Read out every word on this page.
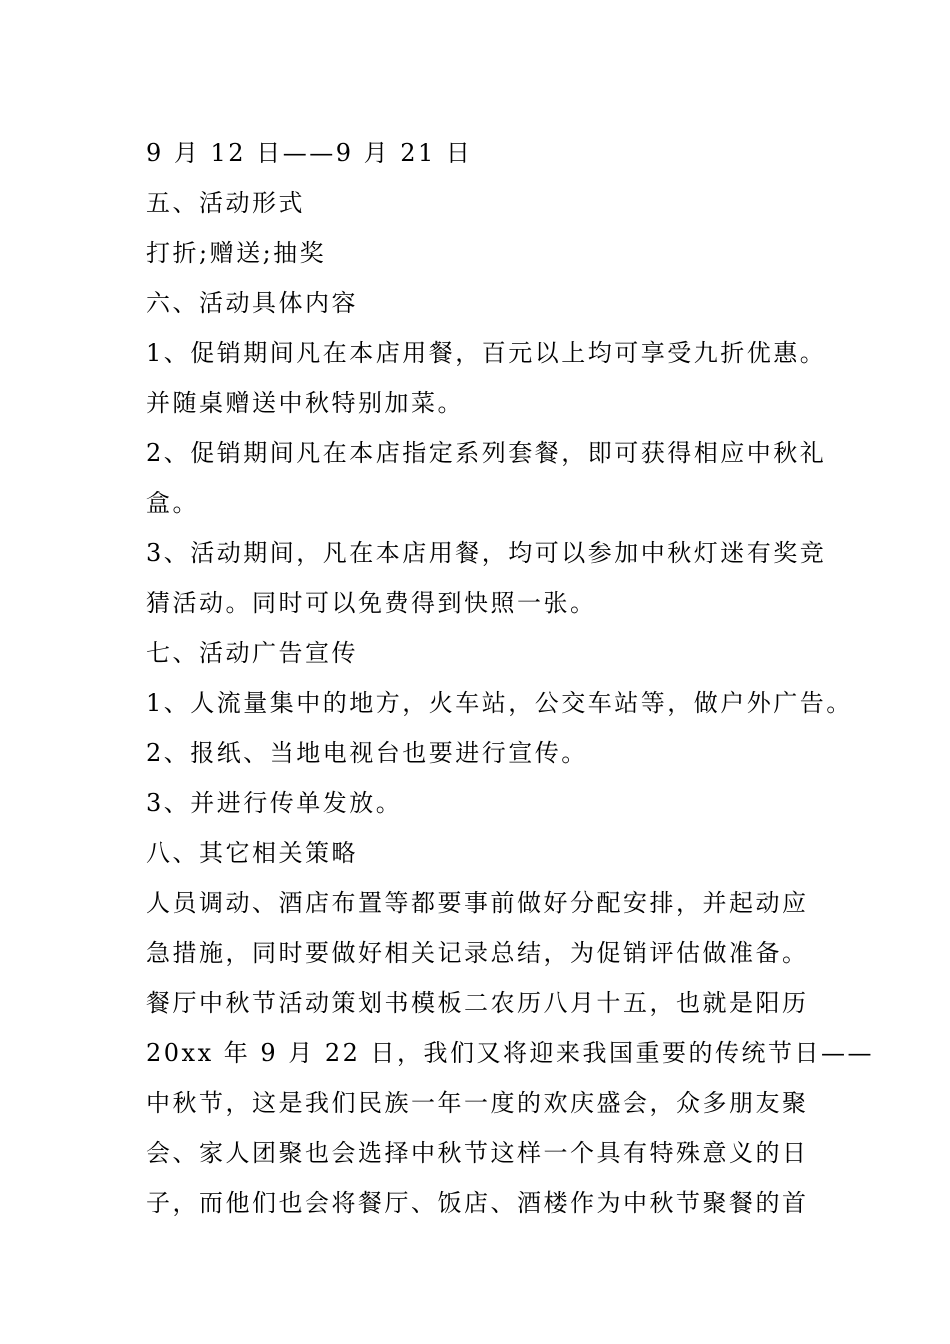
9 月 12 日——9 月 21 日
五、活动形式
打折;赠送;抽奖
六、活动具体内容
1、促销期间凡在本店用餐，百元以上均可享受九折优惠。
并随桌赠送中秋特别加菜。
2、促销期间凡在本店指定系列套餐，即可获得相应中秋礼
盒。
3、活动期间，凡在本店用餐，均可以参加中秋灯迷有奖竞
猜活动。同时可以免费得到快照一张。
七、活动广告宣传
1、人流量集中的地方，火车站，公交车站等，做户外广告。
2、报纸、当地电视台也要进行宣传。
3、并进行传单发放。
八、其它相关策略
人员调动、酒店布置等都要事前做好分配安排，并起动应
急措施，同时要做好相关记录总结，为促销评估做准备。
餐厅中秋节活动策划书模板二农历八月十五，也就是阳历
20xx 年 9 月 22 日，我们又将迎来我国重要的传统节日——
中秋节，这是我们民族一年一度的欢庆盛会，众多朋友聚
会、家人团聚也会选择中秋节这样一个具有特殊意义的日
子，而他们也会将餐厅、饭店、酒楼作为中秋节聚餐的首
